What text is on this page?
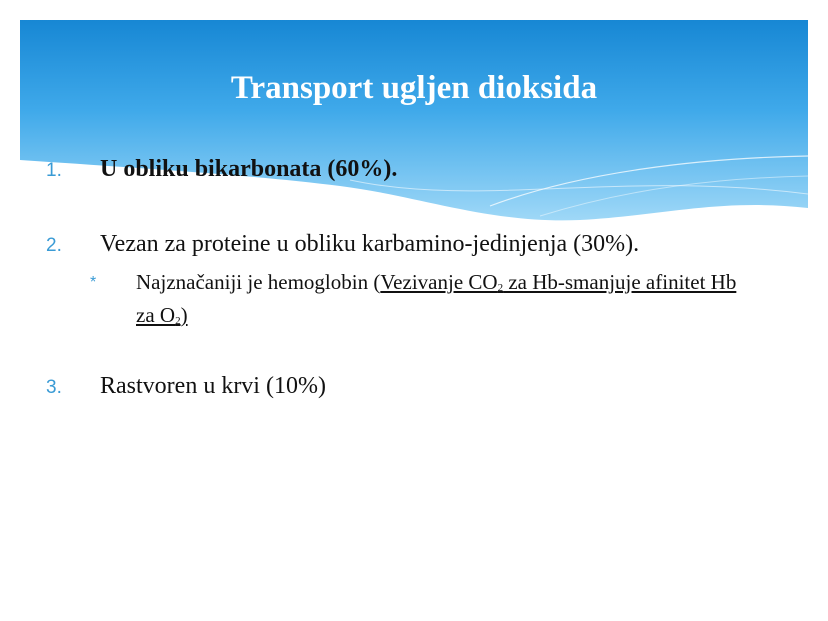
Transport ugljen dioksida
1.	U obliku bikarbonata (60%).
2.	Vezan za proteine u obliku karbamino-jedinjenja (30%).
*	Najznačaniji je hemoglobin (Vezivanje CO2 za Hb-smanjuje afinitet Hb za O2)
3.	Rastvoren u krvi (10%)
